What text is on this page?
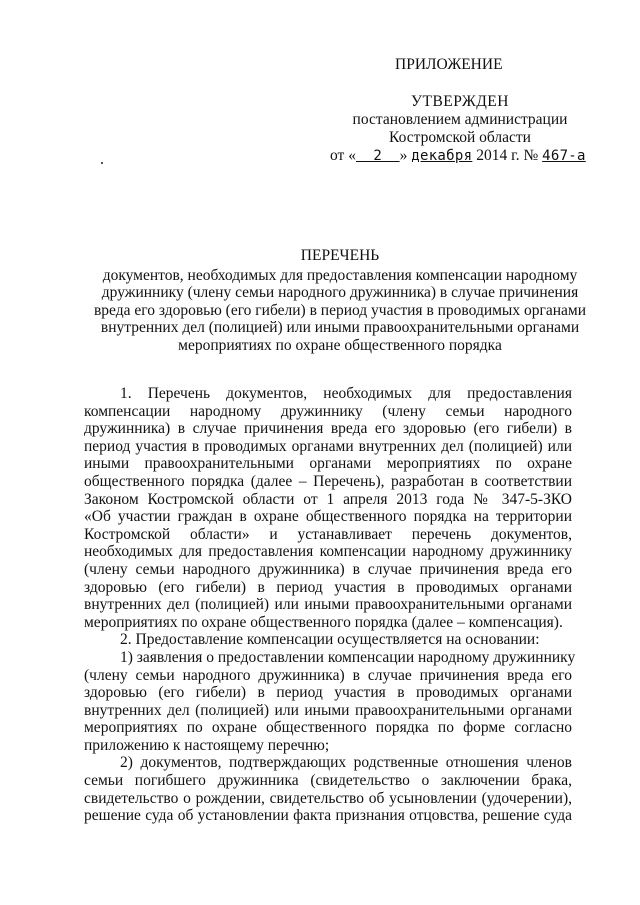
ПРИЛОЖЕНИЕ
УТВЕРЖДЕН
постановлением администрации
Костромской области
от «  2  » декабря 2014 г. № 467-а
ПЕРЕЧЕНЬ
документов, необходимых для предоставления компенсации народному
дружиннику (члену семьи народного дружинника) в случае причинения
вреда его здоровью (его гибели) в период участия в проводимых органами
внутренних дел (полицией) или иными правоохранительными органами
мероприятиях по охране общественного порядка
1. Перечень документов, необходимых для предоставления
компенсации народному дружиннику (члену семьи народного
дружинника) в случае причинения вреда его здоровью (его гибели) в
период участия в проводимых органами внутренних дел (полицией) или
иными правоохранительными органами мероприятиях по охране
общественного порядка (далее – Перечень), разработан в соответствии
Законом Костромской области от 1 апреля 2013 года № 347-5-ЗКО
«Об участии граждан в охране общественного порядка на территории
Костромской области» и устанавливает перечень документов,
необходимых для предоставления компенсации народному дружиннику
(члену семьи народного дружинника) в случае причинения вреда его
здоровью (его гибели) в период участия в проводимых органами
внутренних дел (полицией) или иными правоохранительными органами
мероприятиях по охране общественного порядка (далее – компенсация).
2. Предоставление компенсации осуществляется на основании:
1) заявления о предоставлении компенсации народному дружиннику
(члену семьи народного дружинника) в случае причинения вреда его
здоровью (его гибели) в период участия в проводимых органами
внутренних дел (полицией) или иными правоохранительными органами
мероприятиях по охране общественного порядка по форме согласно
приложению к настоящему перечню;
2) документов, подтверждающих родственные отношения членов
семьи погибшего дружинника (свидетельство о заключении брака,
свидетельство о рождении, свидетельство об усыновлении (удочерении),
решение суда об установлении факта признания отцовства, решение суда
